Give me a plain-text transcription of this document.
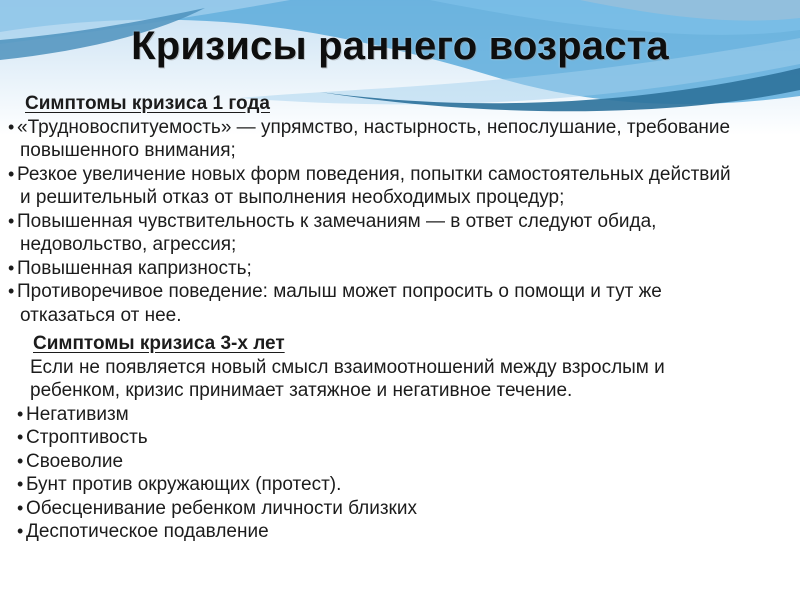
Кризисы раннего возраста
Симптомы кризиса 1 года
• «Трудновоспитуемость» — упрямство, настырность, непослушание, требование повышенного внимания;
• Резкое увеличение новых форм поведения, попытки самостоятельных действий и решительный отказ от выполнения необходимых процедур;
• Повышенная чувствительность к замечаниям — в ответ следуют обида, недовольство, агрессия;
• Повышенная капризность;
• Противоречивое поведение: малыш может попросить о помощи и тут же отказаться от нее.
Симптомы кризиса 3-х лет

Если не появляется новый смысл взаимоотношений между взрослым и ребенком, кризис принимает затяжное и негативное течение.

• Негативизм
• Строптивость
• Своеволие
• Бунт против окружающих (протест).
• Обесценивание ребенком личности близких
• Деспотическое подавление
